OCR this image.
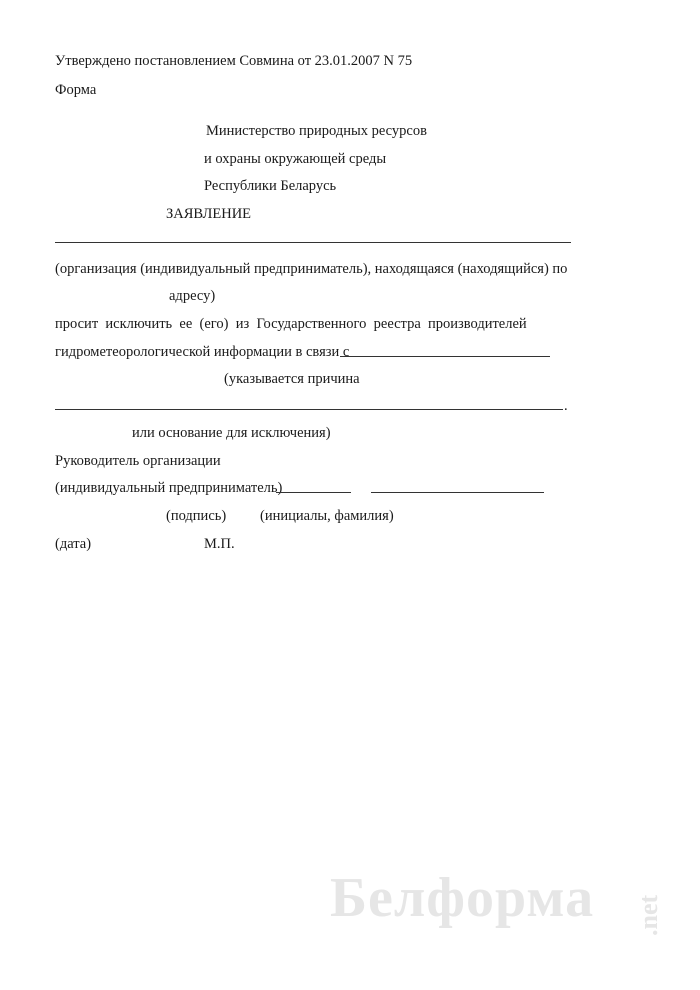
Утверждено постановлением Совмина от 23.01.2007 N 75
Форма
Министерство природных ресурсов
и охраны окружающей среды
Республики Беларусь
ЗАЯВЛЕНИЕ
(организация (индивидуальный предприниматель), находящаяся (находящийся) по
адресу)
просит  исключить  ее  (его)  из  Государственного  реестра  производителей
гидрометеорологической информации в связи с
(указывается причина
.
или основание для исключения)
Руководитель организации
(индивидуальный предприниматель)
(подпись) (инициалы, фамилия)
(дата)	М.П.
Белформа .net
